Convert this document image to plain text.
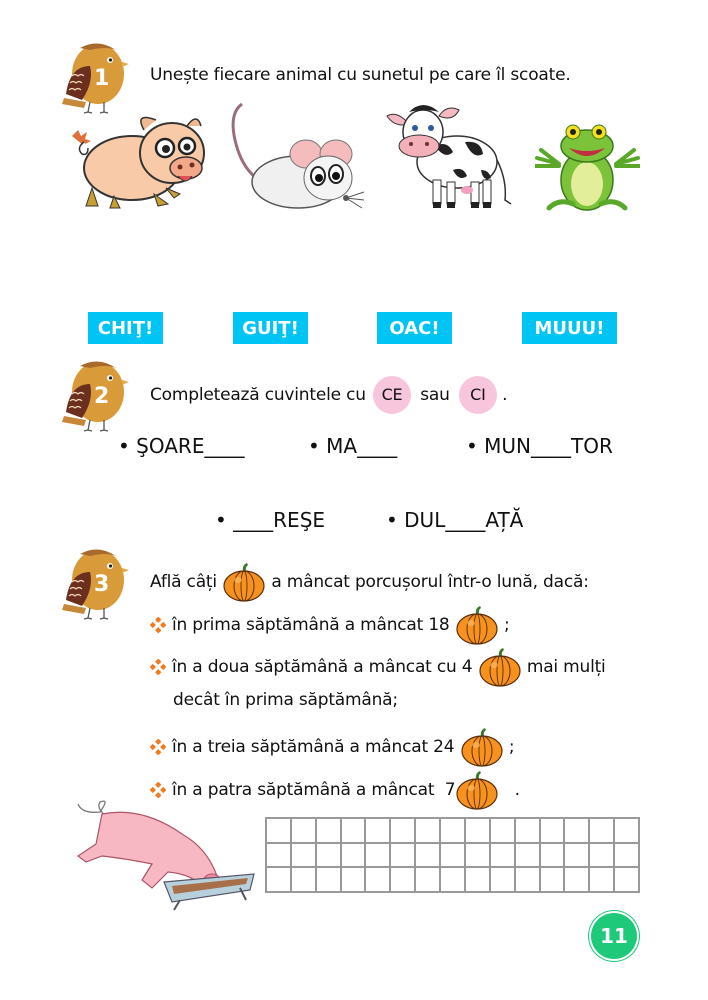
1 Unește fiecare animal cu sunetul pe care îl scoate.
CHIŢ!	GUIŢ!	OAC!	MUUU!
2 Completează cuvintele cu CE sau CI .
• ŞOARE____	• MA____	• MUN____TOR
• ____REŞE	• DUL____AȚĂ
3 Află câți	a mâncat porcușorul într-o lună, dacă:
în prima săptămână a mâncat 18	;
în a doua săptămână a mâncat cu 4	mai mulți
decât în prima săptămână;
în a treia săptămână a mâncat 24	;
în a patra săptămână a mâncat  7	.
11
